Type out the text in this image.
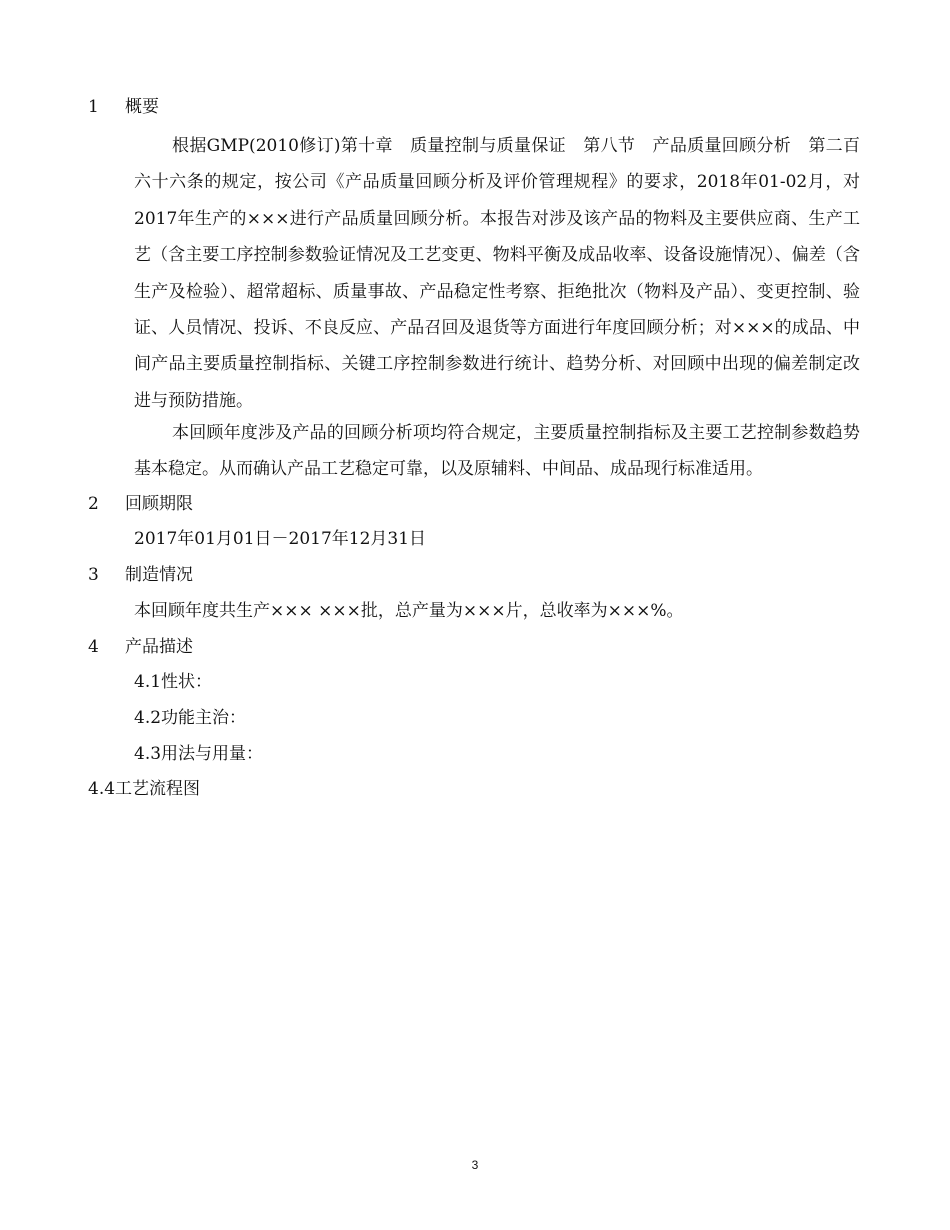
1 概要
根据GMP(2010修订)第十章　质量控制与质量保证　第八节　产品质量回顾分析　第二百六十六条的规定，按公司《产品质量回顾分析及评价管理规程》的要求，2018年01-02月，对2017年生产的×××进行产品质量回顾分析。本报告对涉及该产品的物料及主要供应商、生产工艺（含主要工序控制参数验证情况及工艺变更、物料平衡及成品收率、设备设施情况）、偏差（含生产及检验）、超常超标、质量事故、产品稳定性考察、拒绝批次（物料及产品）、变更控制、验证、人员情况、投诉、不良反应、产品召回及退货等方面进行年度回顾分析；对×××的成品、中间产品主要质量控制指标、关键工序控制参数进行统计、趋势分析、对回顾中出现的偏差制定改进与预防措施。
本回顾年度涉及产品的回顾分析项均符合规定，主要质量控制指标及主要工艺控制参数趋势基本稳定。从而确认产品工艺稳定可靠，以及原辅料、中间品、成品现行标准适用。
2 回顾期限
2017年01月01日－2017年12月31日
3 制造情况
本回顾年度共生产××× ×××批，总产量为×××片，总收率为×××%。
4 产品描述
4.1性状：
4.2功能主治：
4.3用法与用量：
4.4工艺流程图
3
